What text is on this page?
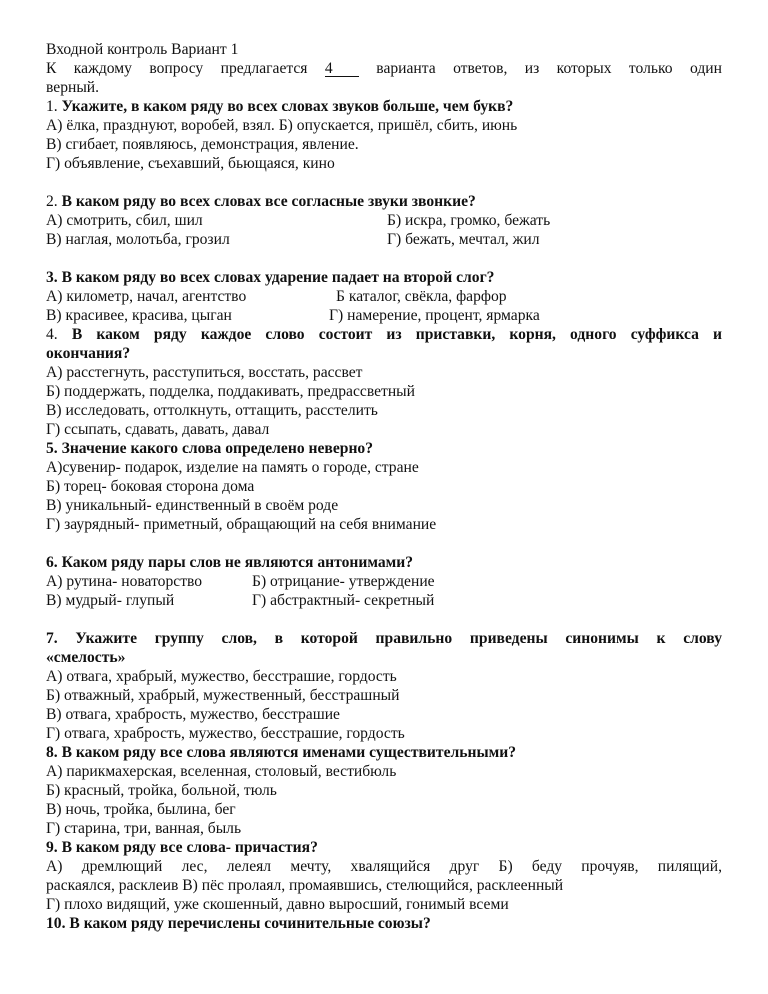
Входной контроль Вариант 1
К каждому вопросу предлагается 4	варианта ответов, из которых только один
верный.
1. Укажите, в каком ряду во всех словах звуков больше, чем букв?
А) ёлка, празднуют, воробей, взял. Б) опускается, пришёл, сбить, июнь
В) сгибает, появляюсь, демонстрация, явление.
Г) объявление, съехавший, бьющаяся, кино
2. В каком ряду во всех словах все согласные звуки звонкие?
А) смотрить, сбил, шил	Б) искра, громко, бежать
В) наглая, молотьба, грозил	Г) бежать, мечтал, жил
3. В каком ряду во всех словах ударение падает на второй слог?
А) километр, начал, агентство	Б каталог, свёкла, фарфор
В) красивее, красива, цыган	Г) намерение, процент, ярмарка
4. В каком ряду каждое слово состоит из приставки, корня, одного суффикса и
окончания?
А) расстегнуть, расступиться, восстать, рассвет
Б) поддержать, подделка, поддакивать, предрассветный
В) исследовать, оттолкнуть, оттащить, расстелить
Г) ссыпать, сдавать, давать, давал
5. Значение какого слова определено неверно?
А)сувенир- подарок, изделие на память о городе, стране
Б) торец- боковая сторона дома
В) уникальный- единственный в своём роде
Г) заурядный- приметный, обращающий на себя внимание
6. Каком ряду пары слов не являются антонимами?
А) рутина- новаторство	Б) отрицание- утверждение
В) мудрый- глупый	Г) абстрактный- секретный
7. Укажите группу слов, в которой правильно приведены синонимы к слову
«смелость»
А) отвага, храбрый, мужество, бесстрашие, гордость
Б) отважный, храбрый, мужественный, бесстрашный
В) отвага, храбрость, мужество, бесстрашие
Г) отвага, храбрость, мужество, бесстрашие, гордость
8. В каком ряду все слова являются именами существительными?
А) парикмахерская, вселенная, столовый, вестибюль
Б) красный, тройка, больной, тюль
В) ночь, тройка, былина, бег
Г) старина, три, ванная, быль
9. В каком ряду все слова- причастия?
А) дремлющий лес, лелеял мечту, хвалящийся друг Б) беду прочуяв, пилящий,
раскаялся, расклеив В) пёс пролаял, промаявшись, стелющийся, расклеенный
Г) плохо видящий, уже скошенный, давно выросший, гонимый всеми
10. В каком ряду перечислены сочинительные союзы?
